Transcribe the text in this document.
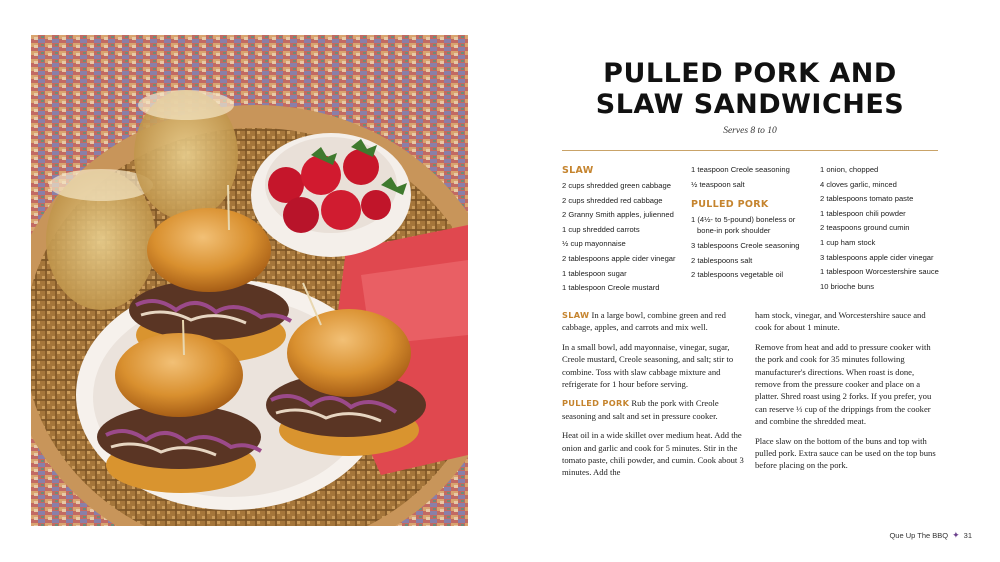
PULLED PORK AND
SLAW SANDWICHES
Serves 8 to 10
SLAW
2 cups shredded green cabbage
2 cups shredded red cabbage
2 Granny Smith apples, julienned
1 cup shredded carrots
½ cup mayonnaise
2 tablespoons apple cider vinegar
1 tablespoon sugar
1 tablespoon Creole mustard
1 teaspoon Creole seasoning
½ teaspoon salt
PULLED PORK
1 (4½- to 5-pound) boneless or bone-in pork shoulder
3 tablespoons Creole seasoning
2 tablespoons salt
2 tablespoons vegetable oil
1 onion, chopped
4 cloves garlic, minced
2 tablespoons tomato paste
1 tablespoon chili powder
2 teaspoons ground cumin
1 cup ham stock
3 tablespoons apple cider vinegar
1 tablespoon Worcestershire sauce
10 brioche buns

SLAW In a large bowl, combine green and red cabbage, apples, and carrots and mix well.

In a small bowl, add mayonnaise, vinegar, sugar, Creole mustard, Creole seasoning, and salt; stir to combine. Toss with slaw cabbage mixture and refrigerate for 1 hour before serving.

PULLED PORK Rub the pork with Creole seasoning and salt and set in pressure cooker.

Heat oil in a wide skillet over medium heat. Add the onion and garlic and cook for 5 minutes. Stir in the tomato paste, chili powder, and cumin. Cook about 3 minutes. Add the

ham stock, vinegar, and Worcestershire sauce and cook for about 1 minute.

Remove from heat and add to pressure cooker with the pork and cook for 35 minutes following manufacturer's directions. When roast is done, remove from the pressure cooker and place on a platter. Shred roast using 2 forks. If you prefer, you can reserve ⅓ cup of the drippings from the cooker and combine the shredded meat.

Place slaw on the bottom of the buns and top with pulled pork. Extra sauce can be used on the top buns before placing on the pork.

Que Up The BBQ ✦ 31
